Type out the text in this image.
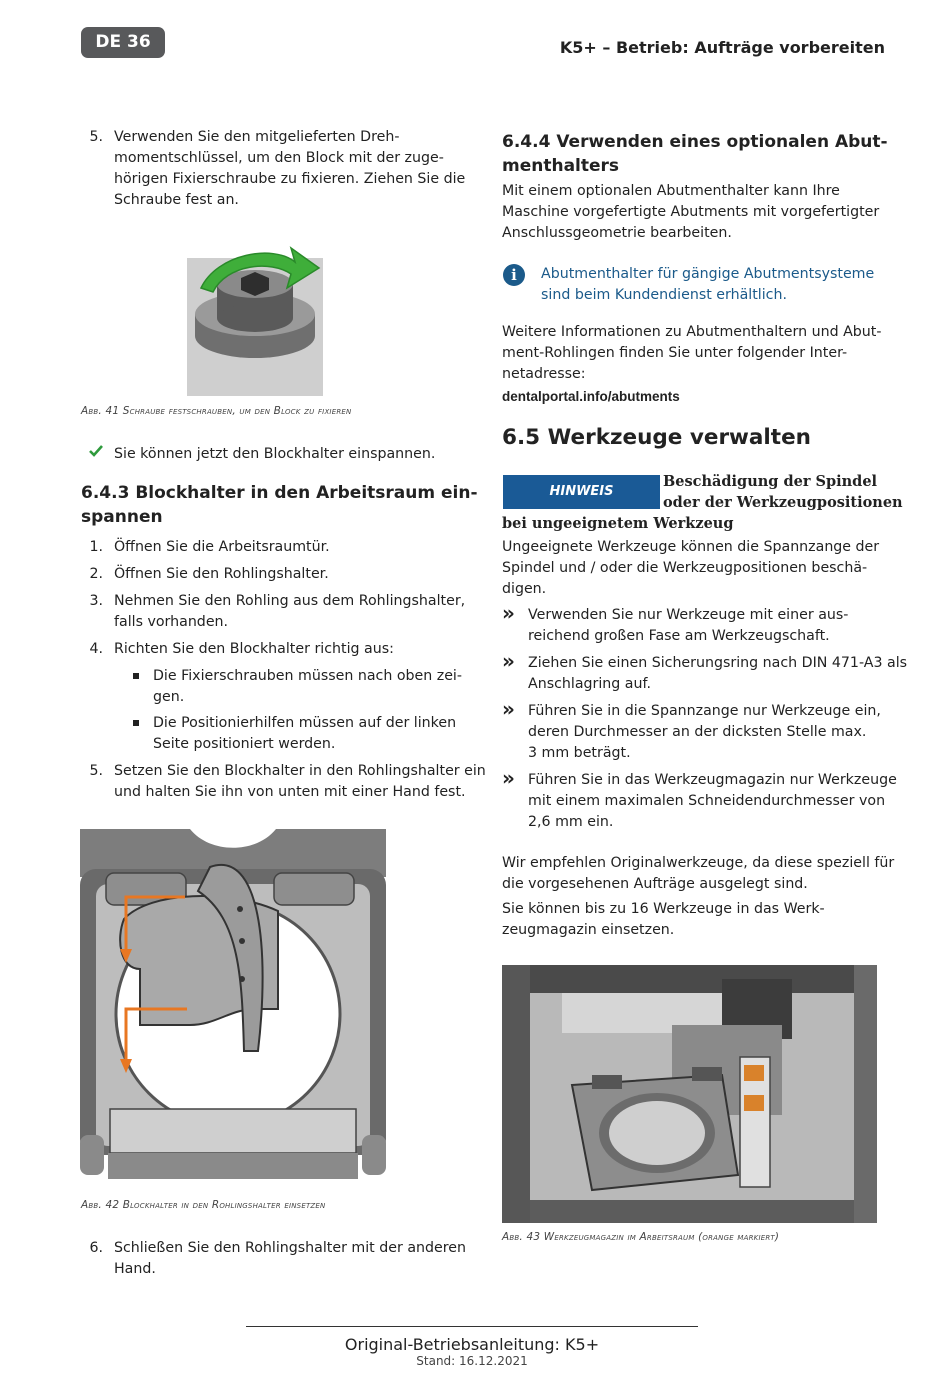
DE 36	K5+ – Betrieb: Aufträge vorbereiten
5. Verwenden Sie den mitgelieferten Dreh-
momentschlüssel, um den Block mit der zuge-
hörigen Fixierschraube zu fixieren. Ziehen Sie die
Schraube fest an.
Abb. 41 Schraube festschrauben, um den Block zu fixieren
Sie können jetzt den Blockhalter einspannen.
6.4.3 Blockhalter in den Arbeitsraum ein-
spannen
1. Öffnen Sie die Arbeitsraumtür.
2. Öffnen Sie den Rohlingshalter.
3. Nehmen Sie den Rohling aus dem Rohlingshalter,
falls vorhanden.
4. Richten Sie den Blockhalter richtig aus:
Die Fixierschrauben müssen nach oben zei-
gen.
Die Positionierhilfen müssen auf der linken
Seite positioniert werden.
5. Setzen Sie den Blockhalter in den Rohlingshalter ein
und halten Sie ihn von unten mit einer Hand fest.
Abb. 42 Blockhalter in den Rohlingshalter einsetzen
6. Schließen Sie den Rohlingshalter mit der anderen
Hand.
6.4.4 Verwenden eines optionalen Abut-
menthalters
Mit einem optionalen Abutmenthalter kann Ihre
Maschine vorgefertigte Abutments mit vorgefertigter
Anschlussgeometrie bearbeiten.
i	Abutmenthalter für gängige Abutmentsysteme
sind beim Kundendienst erhältlich.
Weitere Informationen zu Abutmenthaltern und Abut-
ment-Rohlingen finden Sie unter folgender Inter-
netadresse:
dentalportal.info/abutments
6.5 Werkzeuge verwalten
HINWEIS
Beschädigung der Spindel
oder der Werkzeugpositionen
bei ungeeignetem Werkzeug
Ungeeignete Werkzeuge können die Spannzange der
Spindel und / oder die Werkzeugpositionen beschä-
digen.
» Verwenden Sie nur Werkzeuge mit einer aus-
reichend großen Fase am Werkzeugschaft.
» Ziehen Sie einen Sicherungsring nach DIN 471-A3 als
Anschlagring auf.
» Führen Sie in die Spannzange nur Werkzeuge ein,
deren Durchmesser an der dicksten Stelle max.
3 mm beträgt.
» Führen Sie in das Werkzeugmagazin nur Werkzeuge
mit einem maximalen Schneidendurchmesser von
2,6 mm ein.
Wir empfehlen Originalwerkzeuge, da diese speziell für
die vorgesehenen Aufträge ausgelegt sind.
Sie können bis zu 16 Werkzeuge in das Werk-
zeugmagazin einsetzen.
Abb. 43 Werkzeugmagazin im Arbeitsraum (orange markiert)
Original-Betriebsanleitung: K5+
Stand: 16.12.2021
